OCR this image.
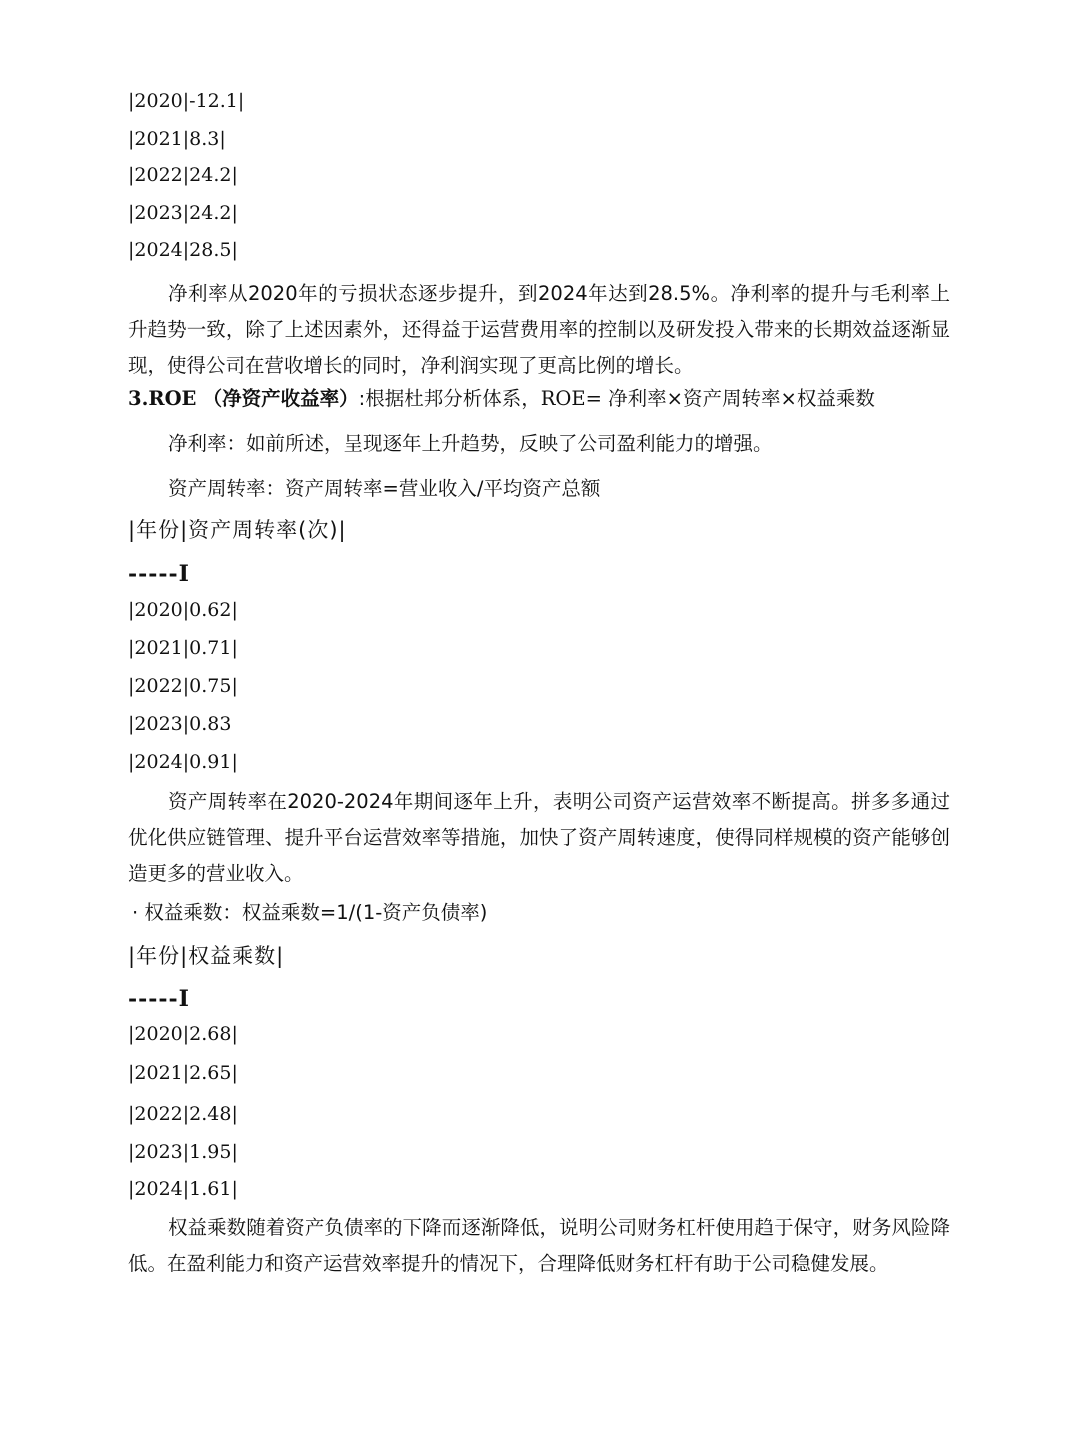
|2020|-12.1|
|2021|8.3|
|2022|24.2|
|2023|24.2|
|2024|28.5|

净利率从2020年的亏损状态逐步提升，到2024年达到28.5%。净利率的提升与毛利率上升趋势一致，除了上述因素外，还得益于运营费用率的控制以及研发投入带来的长期效益逐渐显现，使得公司在营收增长的同时，净利润实现了更高比例的增长。

3.ROE （净资产收益率）:根据杜邦分析体系，ROE= 净利率×资产周转率×权益乘数
净利率：如前所述，呈现逐年上升趋势，反映了公司盈利能力的增强。
资产周转率：资产周转率=营业收入/平均资产总额
|年份|资产周转率(次)|
-----I
|2020|0.62|
|2021|0.71|
|2022|0.75|
|2023|0.83
|2024|0.91|

资产周转率在2020-2024年期间逐年上升，表明公司资产运营效率不断提高。拼多多通过优化供应链管理、提升平台运营效率等措施，加快了资产周转速度，使得同样规模的资产能够创造更多的营业收入。

· 权益乘数：权益乘数=1/(1-资产负债率)
|年份|权益乘数|
-----I
|2020|2.68|
|2021|2.65|
|2022|2.48|
|2023|1.95|
|2024|1.61|

权益乘数随着资产负债率的下降而逐渐降低，说明公司财务杠杆使用趋于保守，财务风险降低。在盈利能力和资产运营效率提升的情况下，合理降低财务杠杆有助于公司稳健发展。
